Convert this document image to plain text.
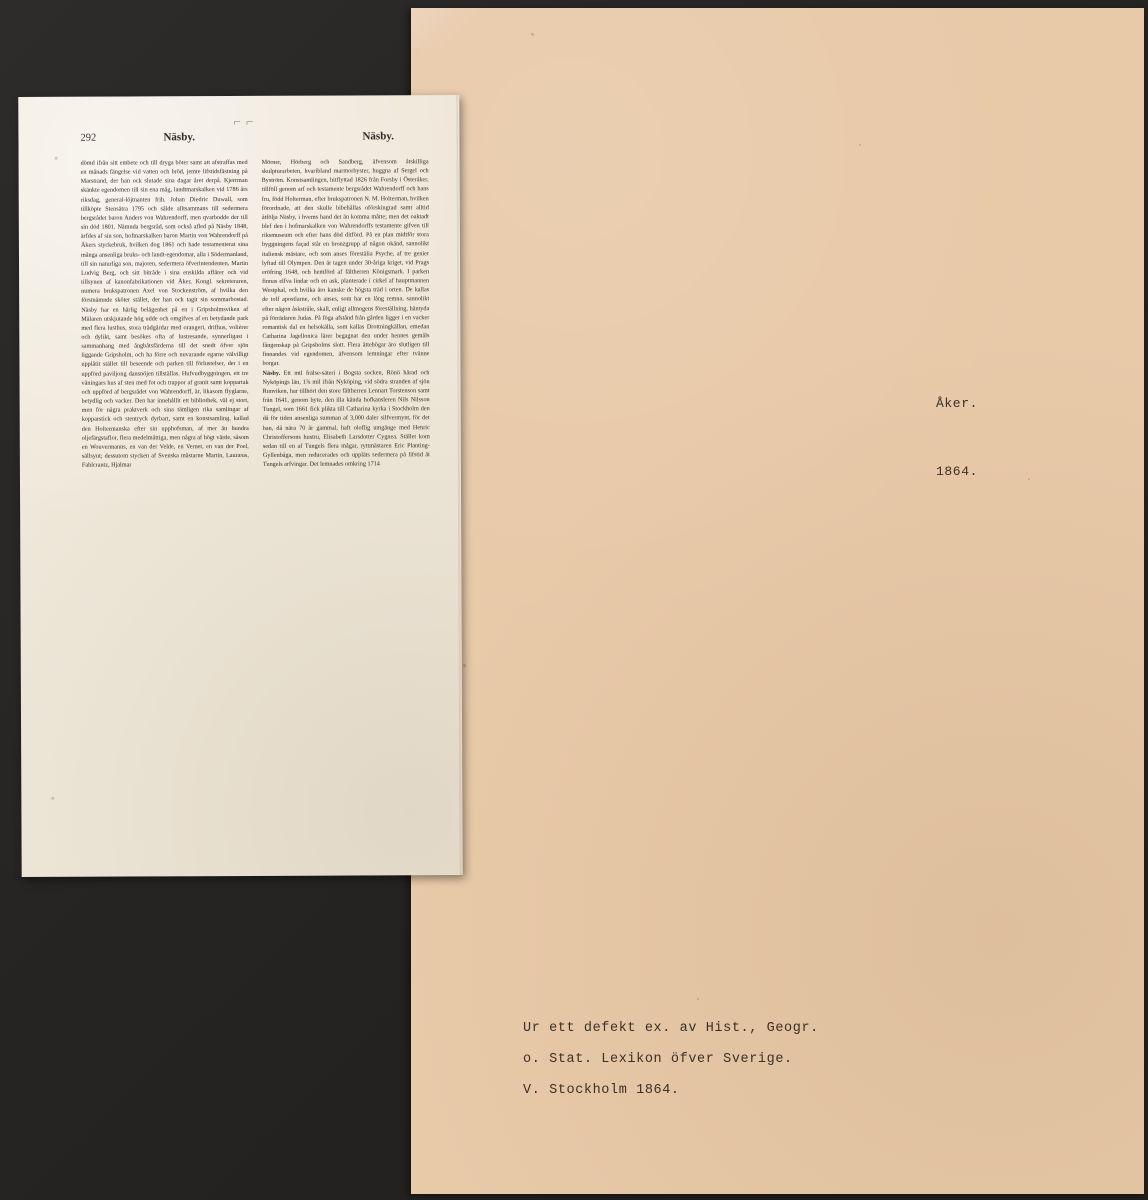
Åker.
1864.
Ur ett defekt ex. av Hist., Geogr.
o. Stat. Lexikon öfver Sverige.
V. Stockholm 1864.
⌐ ⌐
292	Näsby.	Näsby.

dömd ifrån sitt embete och till dryga böter samt att afstraffas med en månads fängelse vid vatten och bröd, jemte lifstidsfästning på Marstrand, der han ock slutade sina dagar året derpå. Kjerrman skänkte egendomen till sin ena måg, landtmarskalken vid 1786 års riksdag, general-löjtnanten frih. Johan Diedric Duwall, som tillköpte Stensätra 1795 och sålde alltsammans till sedermera bergsrådet baron Anders von Wahrendorff, men qvarbodde der till sin död 1801. Nämnda bergsråd, som också afled på Näsby 1848, ärfdes af sin son, hofmarskalken baron Martin von Wahrendorff på Åkers styckebruk, hvilken dog 1861 och hade testamenterat sina många ansenliga bruks- och landt-egendomar, alla i Södermanland, till sin naturliga son, majoren, sedermera öfverintendenten, Martin Ludvig Berg, och sitt bitråde i sina enskilda affärer och vid tillsynen af kanonfabrikationen vid Åker, Kongl. sekreteraren, numera brukspatronen Axel von Stockenström, af hvilka den förstnämnde sköter stället, der han ock tagit sin sommarbostad. Näsby har en härlig belägenhet på en i Gripsholmsviken af Mälaren utskjutande hög udde och omgifves af en betydande park med flera lusthus, stora trädgårdar med orangeri, drifhus, volièrer och dylikt, samt besökes ofta af lustresande, synnerligast i sammanhang med ångbåtsfärderna till det snedt öfver sjön liggande Gripsholm, och ha förre och nuvarande egarne välvilligt upplåtit stället till beseende och parken till förlustelser, der i en uppförd paviljong dansnöjen tillställas. Hufvudbyggningen, ett tre våningars hus af sten med fot och trappor af granit samt koppartak och uppförd af bergsrådet von Wahrendorff, är, likasom flyglarne, betydlig och vacker. Den har innehållit ett bibliothek, väl ej stort, men för några praktverk och sina tämligen rika samlingar af kopparstick och stentryck dyrbart, samt en konstsamling, kallad den Holtermanska efter sin upphofsman, af mer än hundra oljefärgstaflor, flera medelmåttiga, men några af högt värde, såsom en Wouvermanns, en van der Velde, en Vernet, en van der Poel, sällsynt; dessutom stycken af Svenska mästarne Martin, Lauræus, Fahlcrantz, Hjalmar

Mörner, Hörberg och Sandberg, äfvensom åtskilliga skulpturarbeten, hvaribland marmorbyster, huggna af Sergel och Byström. Konstsamlingen, hitflyttad 1826 från Forsby i Österåker, tillföll genom arf och testamente bergsrådet Wahrendorff och hans fru, född Holterman, efter brukspatronen N. M. Holterman, hvilken förordnade, att den skulle bibehållas oförskingrad samt alltid åtfölja Näsby, i hvems hand det än komma måtte; men det oaktadt blef den i hofmarskalken von Wahrendorffs testamente gifven till riksmuseum och efter hans död ditförd. På en plan midtför stora byggningens façad står en bronzgrupp af någon okänd, sannolikt italiensk mästare, och som anses förestälia Psyche, af tre genier lyftad till Olympen. Den är tagen under 30-åriga kriget, vid Prags eröfring 1648, och hemförd af fältherren Königsmark. I parken finnas elfva lindar och en ask, planterade i cirkel af hauptmannen Westphal, och hvilka äro kanske de högsta träd i orten. De kallas de tolf apostlarne, och anses, som har en lång remna, sannolikt efter någon åskstråle, skall, enligt allmogens föreställning, häntyda på förrädaren Judas. På föga afstånd från gården ligger i en vacker romantisk dal en helsokälla, som kallas Drottningkällan, emedan Catharina Jagellonica lärer begagnat den under hennes gemåls fångenskap på Gripsholms slott. Flera ättehögar äro slutligen till finnandes vid egendomen, äfvensom lemningar efter tvänne borgar.

Näsby. Ett mtl frälse-säteri i Bogsta socken, Rönö härad och Nyköpings län, 1⅞ mil ifrån Nyköping, vid södra stranden af sjön Runviken, har tillhört den store fältherren Lennart Torstenson samt från 1641, genom byte, den illa kända hofkansleren Nils Nilsson Tungel, som 1661 fick plikta till Catharina kyrka i Stockholm den då för tiden ansenliga summan af 3,000 daler silfvermynt, för det han, då nära 70 år gammal, haft oloflig umgänge med Henric Christoffersons hustru, Elisabeth Larsdotter Cygnea. Stället kom sedan till en af Tungels flera mågar, ryttmästaren Eric Planting-Gyllenbåga, men reducerades och uppläts sedermera på lifstid åt Tungels arfvingar. Det lemnades omkring 1714
